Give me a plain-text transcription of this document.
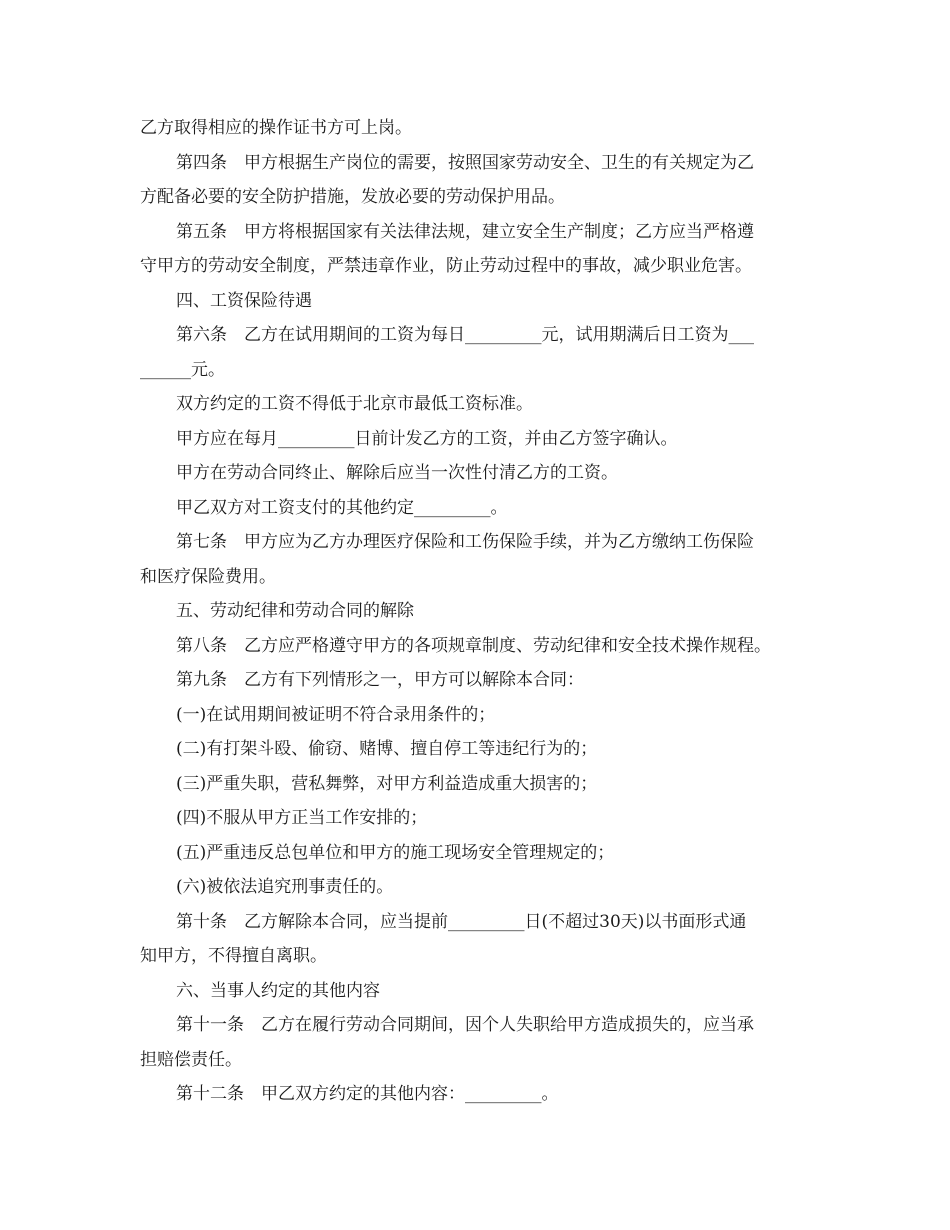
乙方取得相应的操作证书方可上岗。

第四条　甲方根据生产岗位的需要，按照国家劳动安全、卫生的有关规定为乙

方配备必要的安全防护措施，发放必要的劳动保护用品。

第五条　甲方将根据国家有关法律法规，建立安全生产制度；乙方应当严格遵

守甲方的劳动安全制度，严禁违章作业，防止劳动过程中的事故，减少职业危害。

四、工资保险待遇

第六条　乙方在试用期间的工资为每日_________元，试用期满后日工资为___

______元。

双方约定的工资不得低于北京市最低工资标准。

甲方应在每月_________日前计发乙方的工资，并由乙方签字确认。

甲方在劳动合同终止、解除后应当一次性付清乙方的工资。

甲乙双方对工资支付的其他约定_________。

第七条　甲方应为乙方办理医疗保险和工伤保险手续，并为乙方缴纳工伤保险

和医疗保险费用。

五、劳动纪律和劳动合同的解除

第八条　乙方应严格遵守甲方的各项规章制度、劳动纪律和安全技术操作规程。

第九条　乙方有下列情形之一，甲方可以解除本合同：

(一)在试用期间被证明不符合录用条件的；

(二)有打架斗殴、偷窃、赌博、擅自停工等违纪行为的；

(三)严重失职，营私舞弊，对甲方利益造成重大损害的；

(四)不服从甲方正当工作安排的；

(五)严重违反总包单位和甲方的施工现场安全管理规定的；

(六)被依法追究刑事责任的。

第十条　乙方解除本合同，应当提前_________日(不超过30天)以书面形式通

知甲方，不得擅自离职。

六、当事人约定的其他内容

第十一条　乙方在履行劳动合同期间，因个人失职给甲方造成损失的，应当承

担赔偿责任。

第十二条　甲乙双方约定的其他内容：_________。
